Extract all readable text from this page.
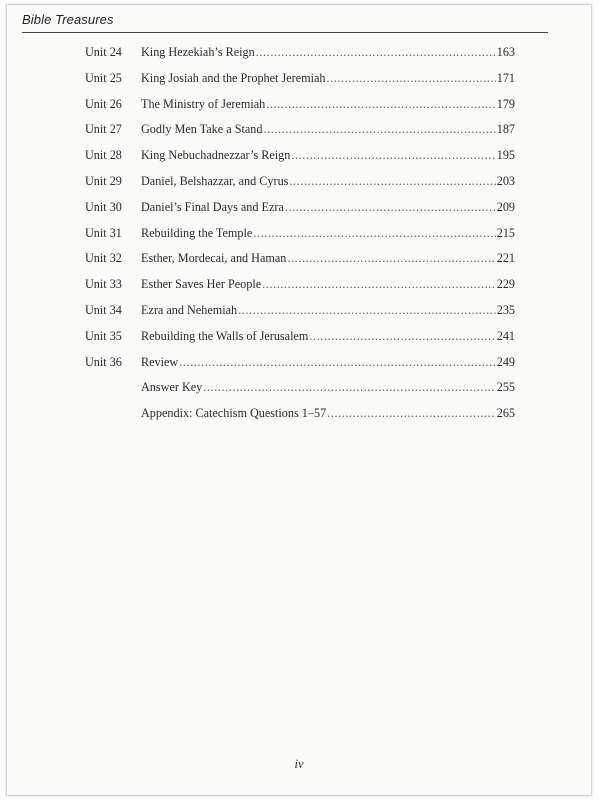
Bible Treasures
Unit 24	King Hezekiah’s Reign .....	163
Unit 25	King Josiah and the Prophet Jeremiah .....	171
Unit 26	The Ministry of Jeremiah .....	179
Unit 27	Godly Men Take a Stand .....	187
Unit 28	King Nebuchadnezzar’s Reign .....	195
Unit 29	Daniel, Belshazzar, and Cyrus .....	203
Unit 30	Daniel’s Final Days and Ezra .....	209
Unit 31	Rebuilding the Temple .....	215
Unit 32	Esther, Mordecai, and Haman .....	221
Unit 33	Esther Saves Her People .....	229
Unit 34	Ezra and Nehemiah .....	235
Unit 35	Rebuilding the Walls of Jerusalem .....	241
Unit 36	Review .....	249
Answer Key .....	255
Appendix: Catechism Questions 1–57 .....	265
iv
